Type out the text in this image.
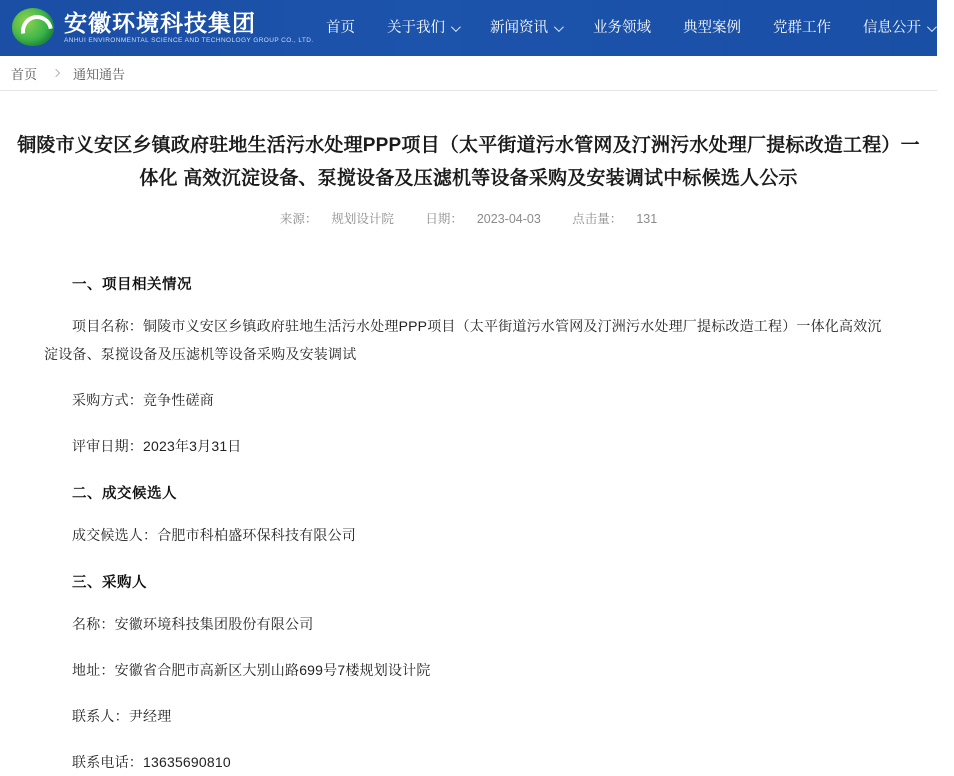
安徽环境科技集团
ANHUI ENVIRONMENTAL SCIENCE AND TECHNOLOGY GROUP CO., LTD.
首页 关于我们	新闻资讯	业务领域 典型案例 党群工作 信息公开
首页	通知通告
铜陵市义安区乡镇政府驻地生活污水处理PPP项目（太平街道污水管网及汀洲污水处理厂提标改造工程）一体化 高效沉淀设备、泵搅设备及压滤机等设备采购及安装调试中标候选人公示
来源： 规划设计院	日期： 2023-04-03	点击量： 131
一、项目相关情况

项目名称：铜陵市义安区乡镇政府驻地生活污水处理PPP项目（太平街道污水管网及汀洲污水处理厂提标改造工程）一体化高效沉淀设备、泵搅设备及压滤机等设备采购及安装调试

采购方式：竞争性磋商

评审日期：2023年3月31日

二、成交候选人

成交候选人：合肥市科柏盛环保科技有限公司

三、采购人

名称：安徽环境科技集团股份有限公司

地址：安徽省合肥市高新区大别山路699号7楼规划设计院

联系人：尹经理

联系电话：13635690810
